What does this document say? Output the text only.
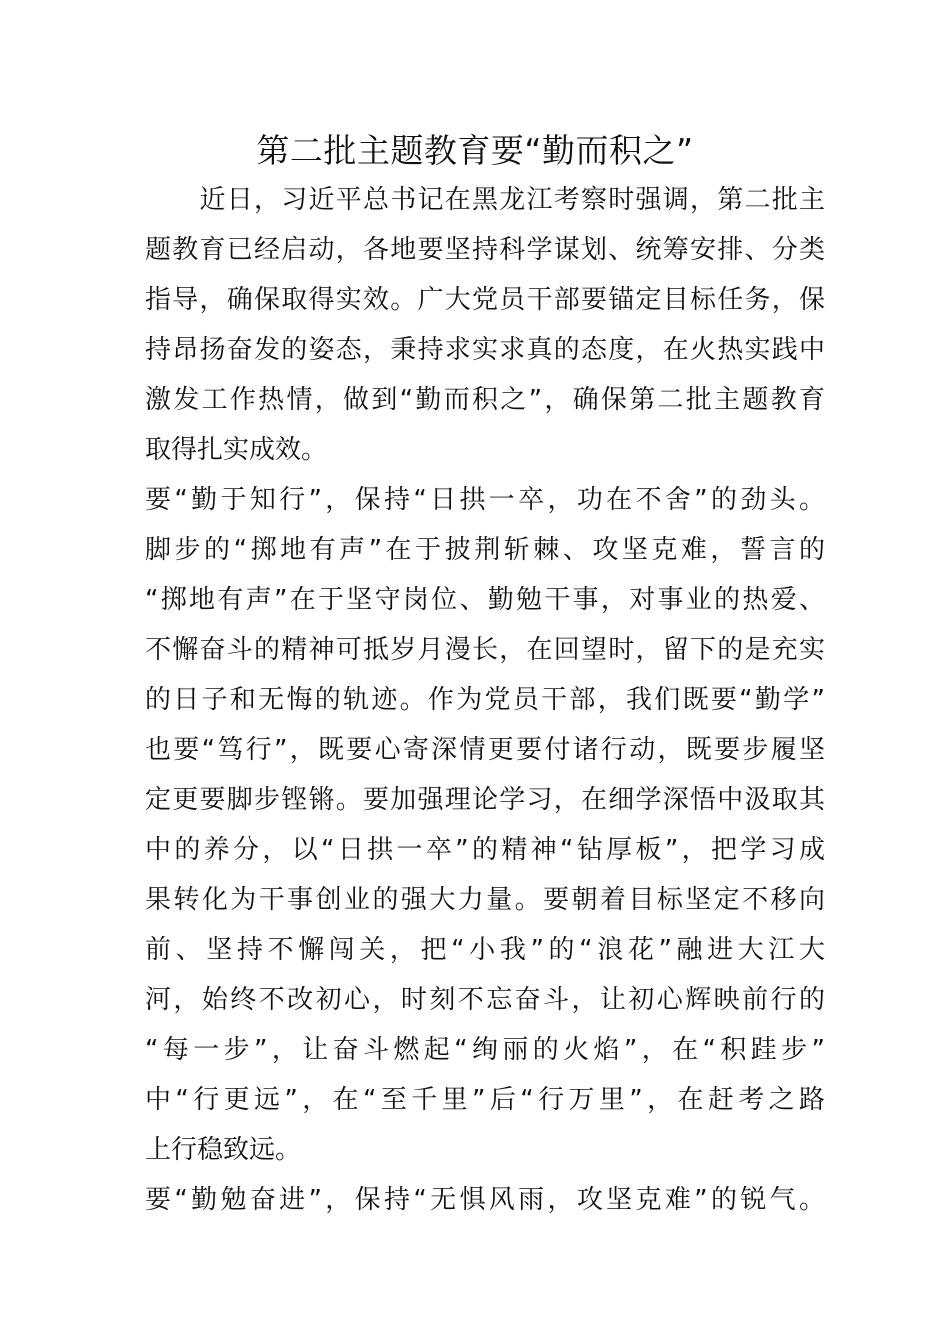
第二批主题教育要“勤而积之”

　　近日，习近平总书记在黑龙江考察时强调，第二批主

题教育已经启动，各地要坚持科学谋划、统筹安排、分类

指导，确保取得实效。广大党员干部要锚定目标任务，保

持昂扬奋发的姿态，秉持求实求真的态度，在火热实践中

激发工作热情，做到“勤而积之”，确保第二批主题教育

取得扎实成效。

要“勤于知行”，保持“日拱一卒，功在不舍”的劲头。

脚步的“掷地有声”在于披荆斩棘、攻坚克难，誓言的

“掷地有声”在于坚守岗位、勤勉干事，对事业的热爱、

不懈奋斗的精神可抵岁月漫长，在回望时，留下的是充实

的日子和无悔的轨迹。作为党员干部，我们既要“勤学”

也要“笃行”，既要心寄深情更要付诸行动，既要步履坚

定更要脚步铿锵。要加强理论学习，在细学深悟中汲取其

中的养分，以“日拱一卒”的精神“钻厚板”，把学习成

果转化为干事创业的强大力量。要朝着目标坚定不移向

前、坚持不懈闯关，把“小我”的“浪花”融进大江大

河，始终不改初心，时刻不忘奋斗，让初心辉映前行的

“每一步”，让奋斗燃起“绚丽的火焰”，在“积跬步”

中“行更远”，在“至千里”后“行万里”，在赶考之路

上行稳致远。

要“勤勉奋进”，保持“无惧风雨，攻坚克难”的锐气。
